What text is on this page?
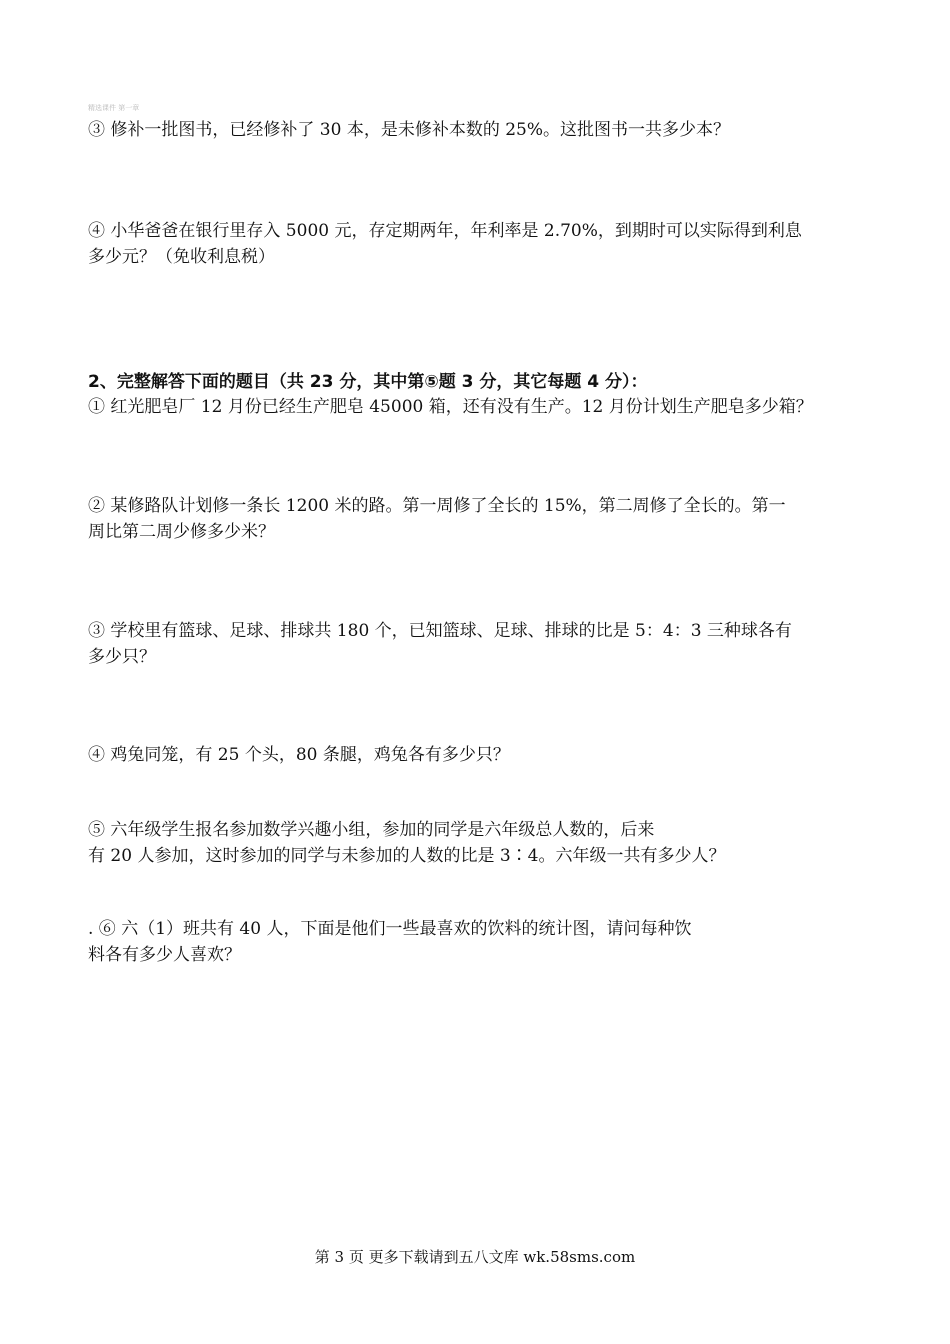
精选课件 第一章
③ 修补一批图书，已经修补了 30 本，是未修补本数的 25%。这批图书一共多少本？
④ 小华爸爸在银行里存入 5000 元，存定期两年，年利率是 2.70%，到期时可以实际得到利息
多少元？（免收利息税）
2、完整解答下面的题目（共 23 分，其中第⑤题 3 分，其它每题 4 分）：
① 红光肥皂厂 12 月份已经生产肥皂 45000 箱，还有没有生产。12 月份计划生产肥皂多少箱？
② 某修路队计划修一条长 1200 米的路。第一周修了全长的 15%，第二周修了全长的。第一
周比第二周少修多少米？
③ 学校里有篮球、足球、排球共 180 个，已知篮球、足球、排球的比是 5：4：3 三种球各有
多少只？
④ 鸡兔同笼，有 25 个头，80 条腿，鸡兔各有多少只？
⑤ 六年级学生报名参加数学兴趣小组，参加的同学是六年级总人数的，后来
有 20 人参加，这时参加的同学与未参加的人数的比是 3∶4。六年级一共有多少人？
. ⑥ 六（1）班共有 40 人，下面是他们一些最喜欢的饮料的统计图，请问每种饮
料各有多少人喜欢？
第 3 页 更多下载请到五八文库 wk.58sms.com
